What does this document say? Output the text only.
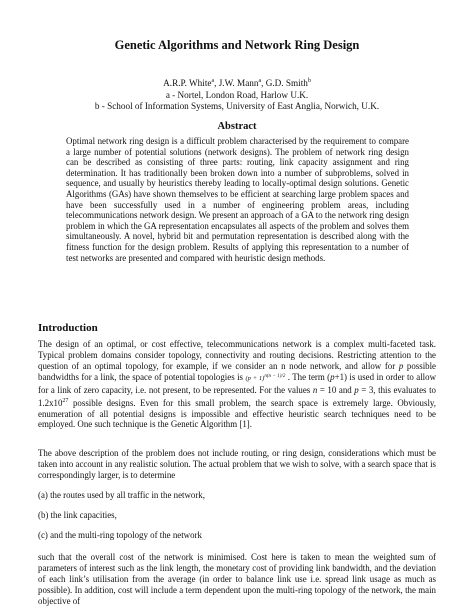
Genetic Algorithms and Network Ring Design
A.R.P. White$^a$, J.W. Mann$^a$, G.D. Smith$^b$
a - Nortel, London Road, Harlow U.K.
b - School of Information Systems, University of East Anglia, Norwich, U.K.
Abstract

Optimal network ring design is a difficult problem characterised by the requirement to compare a large number of potential solutions (network designs). The problem of network ring design can be described as consisting of three parts: routing, link capacity assignment and ring determination. It has traditionally been broken down into a number of subproblems, solved in sequence, and usually by heuristics thereby leading to locally-optimal design solutions. Genetic Algorithms (GAs) have shown themselves to be efficient at searching large problem spaces and have been successfully used in a number of engineering problem areas, including telecommunications network design. We present an approach of a GA to the network ring design problem in which the GA representation encapsulates all aspects of the problem and solves them simultaneously. A novel, hybrid bit and permutation representation is described along with the fitness function for the design problem. Results of applying this representation to a number of test networks are presented and compared with heuristic design methods.

Introduction

The design of an optimal, or cost effective, telecommunications network is a complex multi-faceted task. Typical problem domains consider topology, connectivity and routing decisions. Restricting attention to the question of an optimal topology, for example, if we consider an n node network, and allow for p possible bandwidths for a link, the space of potential topologies is $(p + 1)^{n(n - 1)/2}$ . The term (p+1) is used in order to allow for a link of zero capacity, i.e. not present, to be represented. For the values n = 10 and p = 3, this evaluates to $1.2x10^{27}$ possible designs. Even for this small problem, the search space is extremely large. Obviously, enumeration of all potential designs is impossible and effective heuristic search techniques need to be employed. One such technique is the Genetic Algorithm [1].

The above description of the problem does not include routing, or ring design, considerations which must be taken into account in any realistic solution. The actual problem that we wish to solve, with a search space that is correspondingly larger, is to determine

(a) the routes used by all traffic in the network,
(b) the link capacities,
(c) and the multi-ring topology of the network

such that the overall cost of the network is minimised. Cost here is taken to mean the weighted sum of parameters of interest such as the link length, the monetary cost of providing link bandwidth, and the deviation of each link’s utilisation from the average (in order to balance link use i.e. spread link usage as much as possible). In addition, cost will include a term dependent upon the multi-ring topology of the network, the main objective of
